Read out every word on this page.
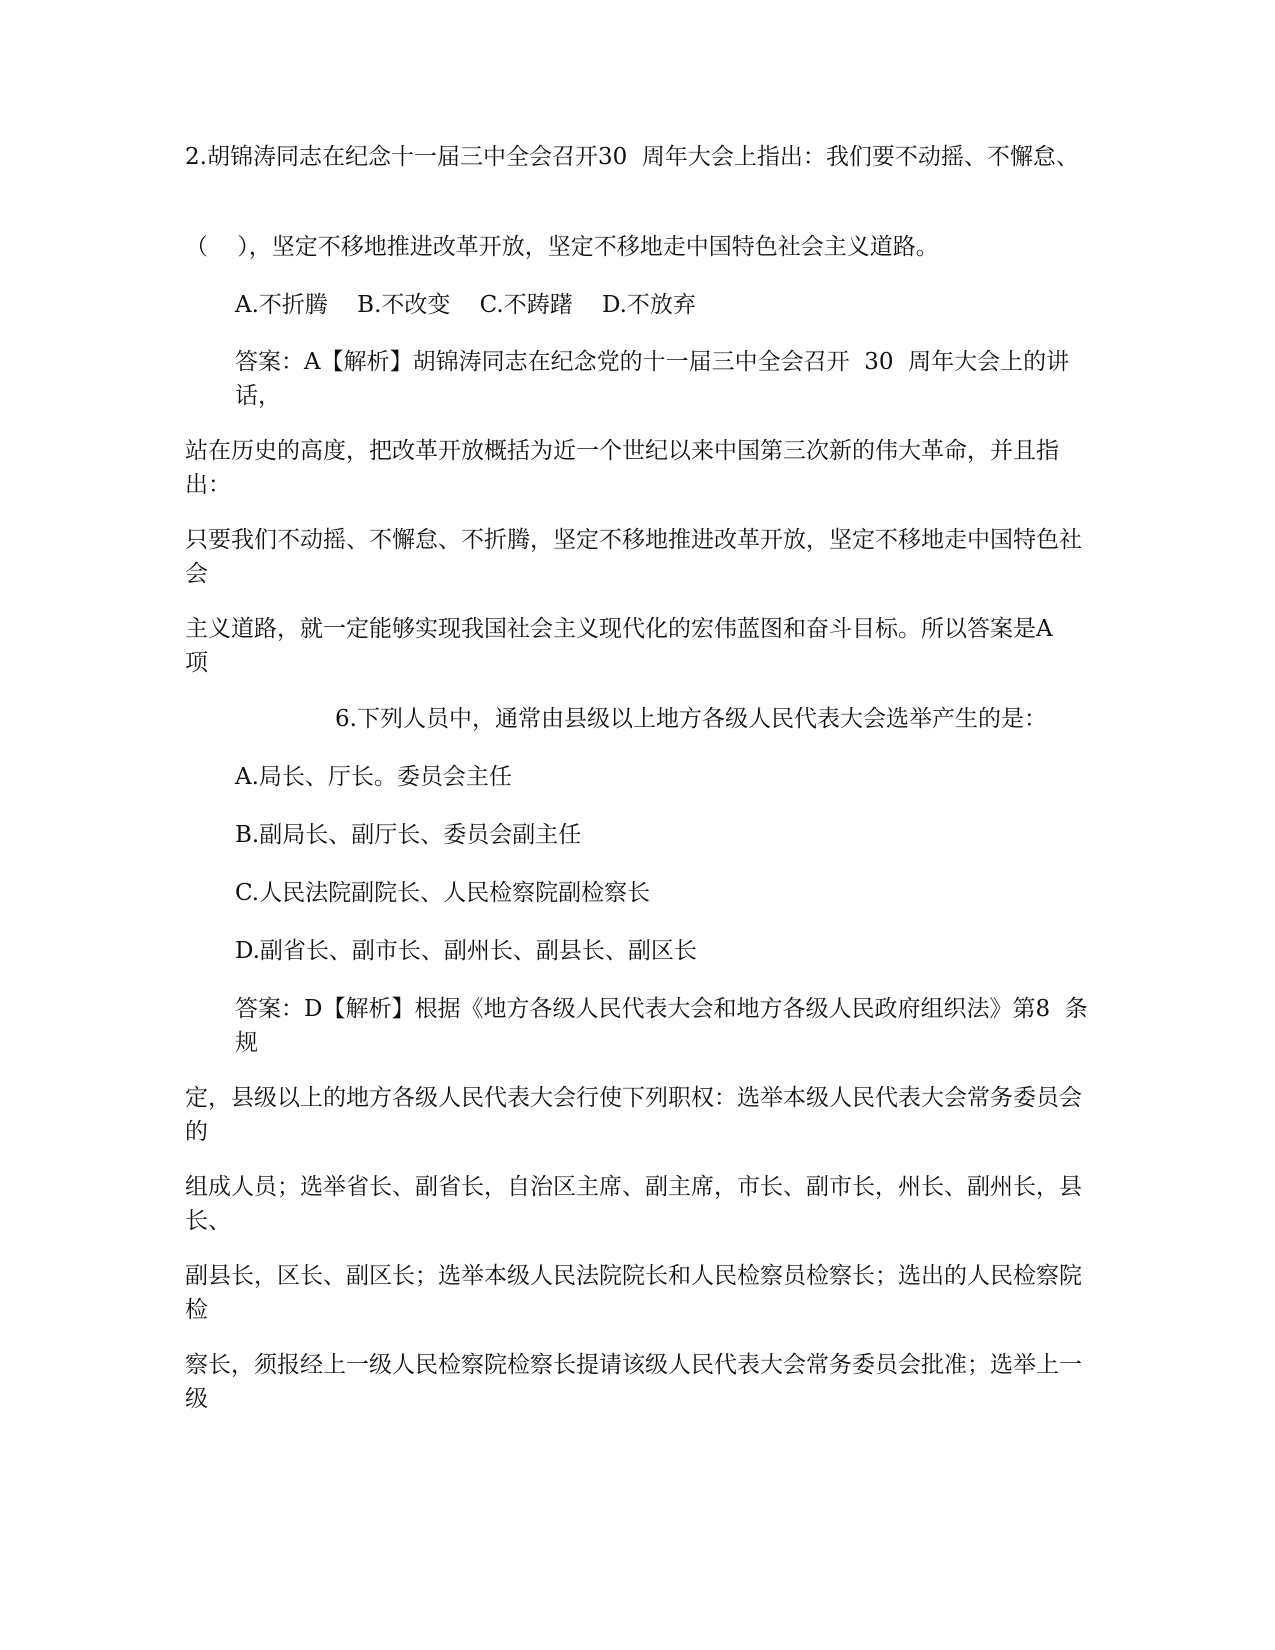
2.胡锦涛同志在纪念十一届三中全会召开30  周年大会上指出：我们要不动摇、不懈怠、
（    ），坚定不移地推进改革开放，坚定不移地走中国特色社会主义道路。
A.不折腾    B.不改变    C.不踌躇    D.不放弃
答案：A【解析】胡锦涛同志在纪念党的十一届三中全会召开  30  周年大会上的讲话，
站在历史的高度，把改革开放概括为近一个世纪以来中国第三次新的伟大革命，并且指出：
只要我们不动摇、不懈怠、不折腾，坚定不移地推进改革开放，坚定不移地走中国特色社会
主义道路，就一定能够实现我国社会主义现代化的宏伟蓝图和奋斗目标。所以答案是A  项
6.下列人员中，通常由县级以上地方各级人民代表大会选举产生的是：
A.局长、厅长。委员会主任
B.副局长、副厅长、委员会副主任
C.人民法院副院长、人民检察院副检察长
D.副省长、副市长、副州长、副县长、副区长
答案：D【解析】根据《地方各级人民代表大会和地方各级人民政府组织法》第8  条规
定，县级以上的地方各级人民代表大会行使下列职权：选举本级人民代表大会常务委员会的
组成人员；选举省长、副省长，自治区主席、副主席，市长、副市长，州长、副州长，县长、
副县长，区长、副区长；选举本级人民法院院长和人民检察员检察长；选出的人民检察院检
察长，须报经上一级人民检察院检察长提请该级人民代表大会常务委员会批准；选举上一级
